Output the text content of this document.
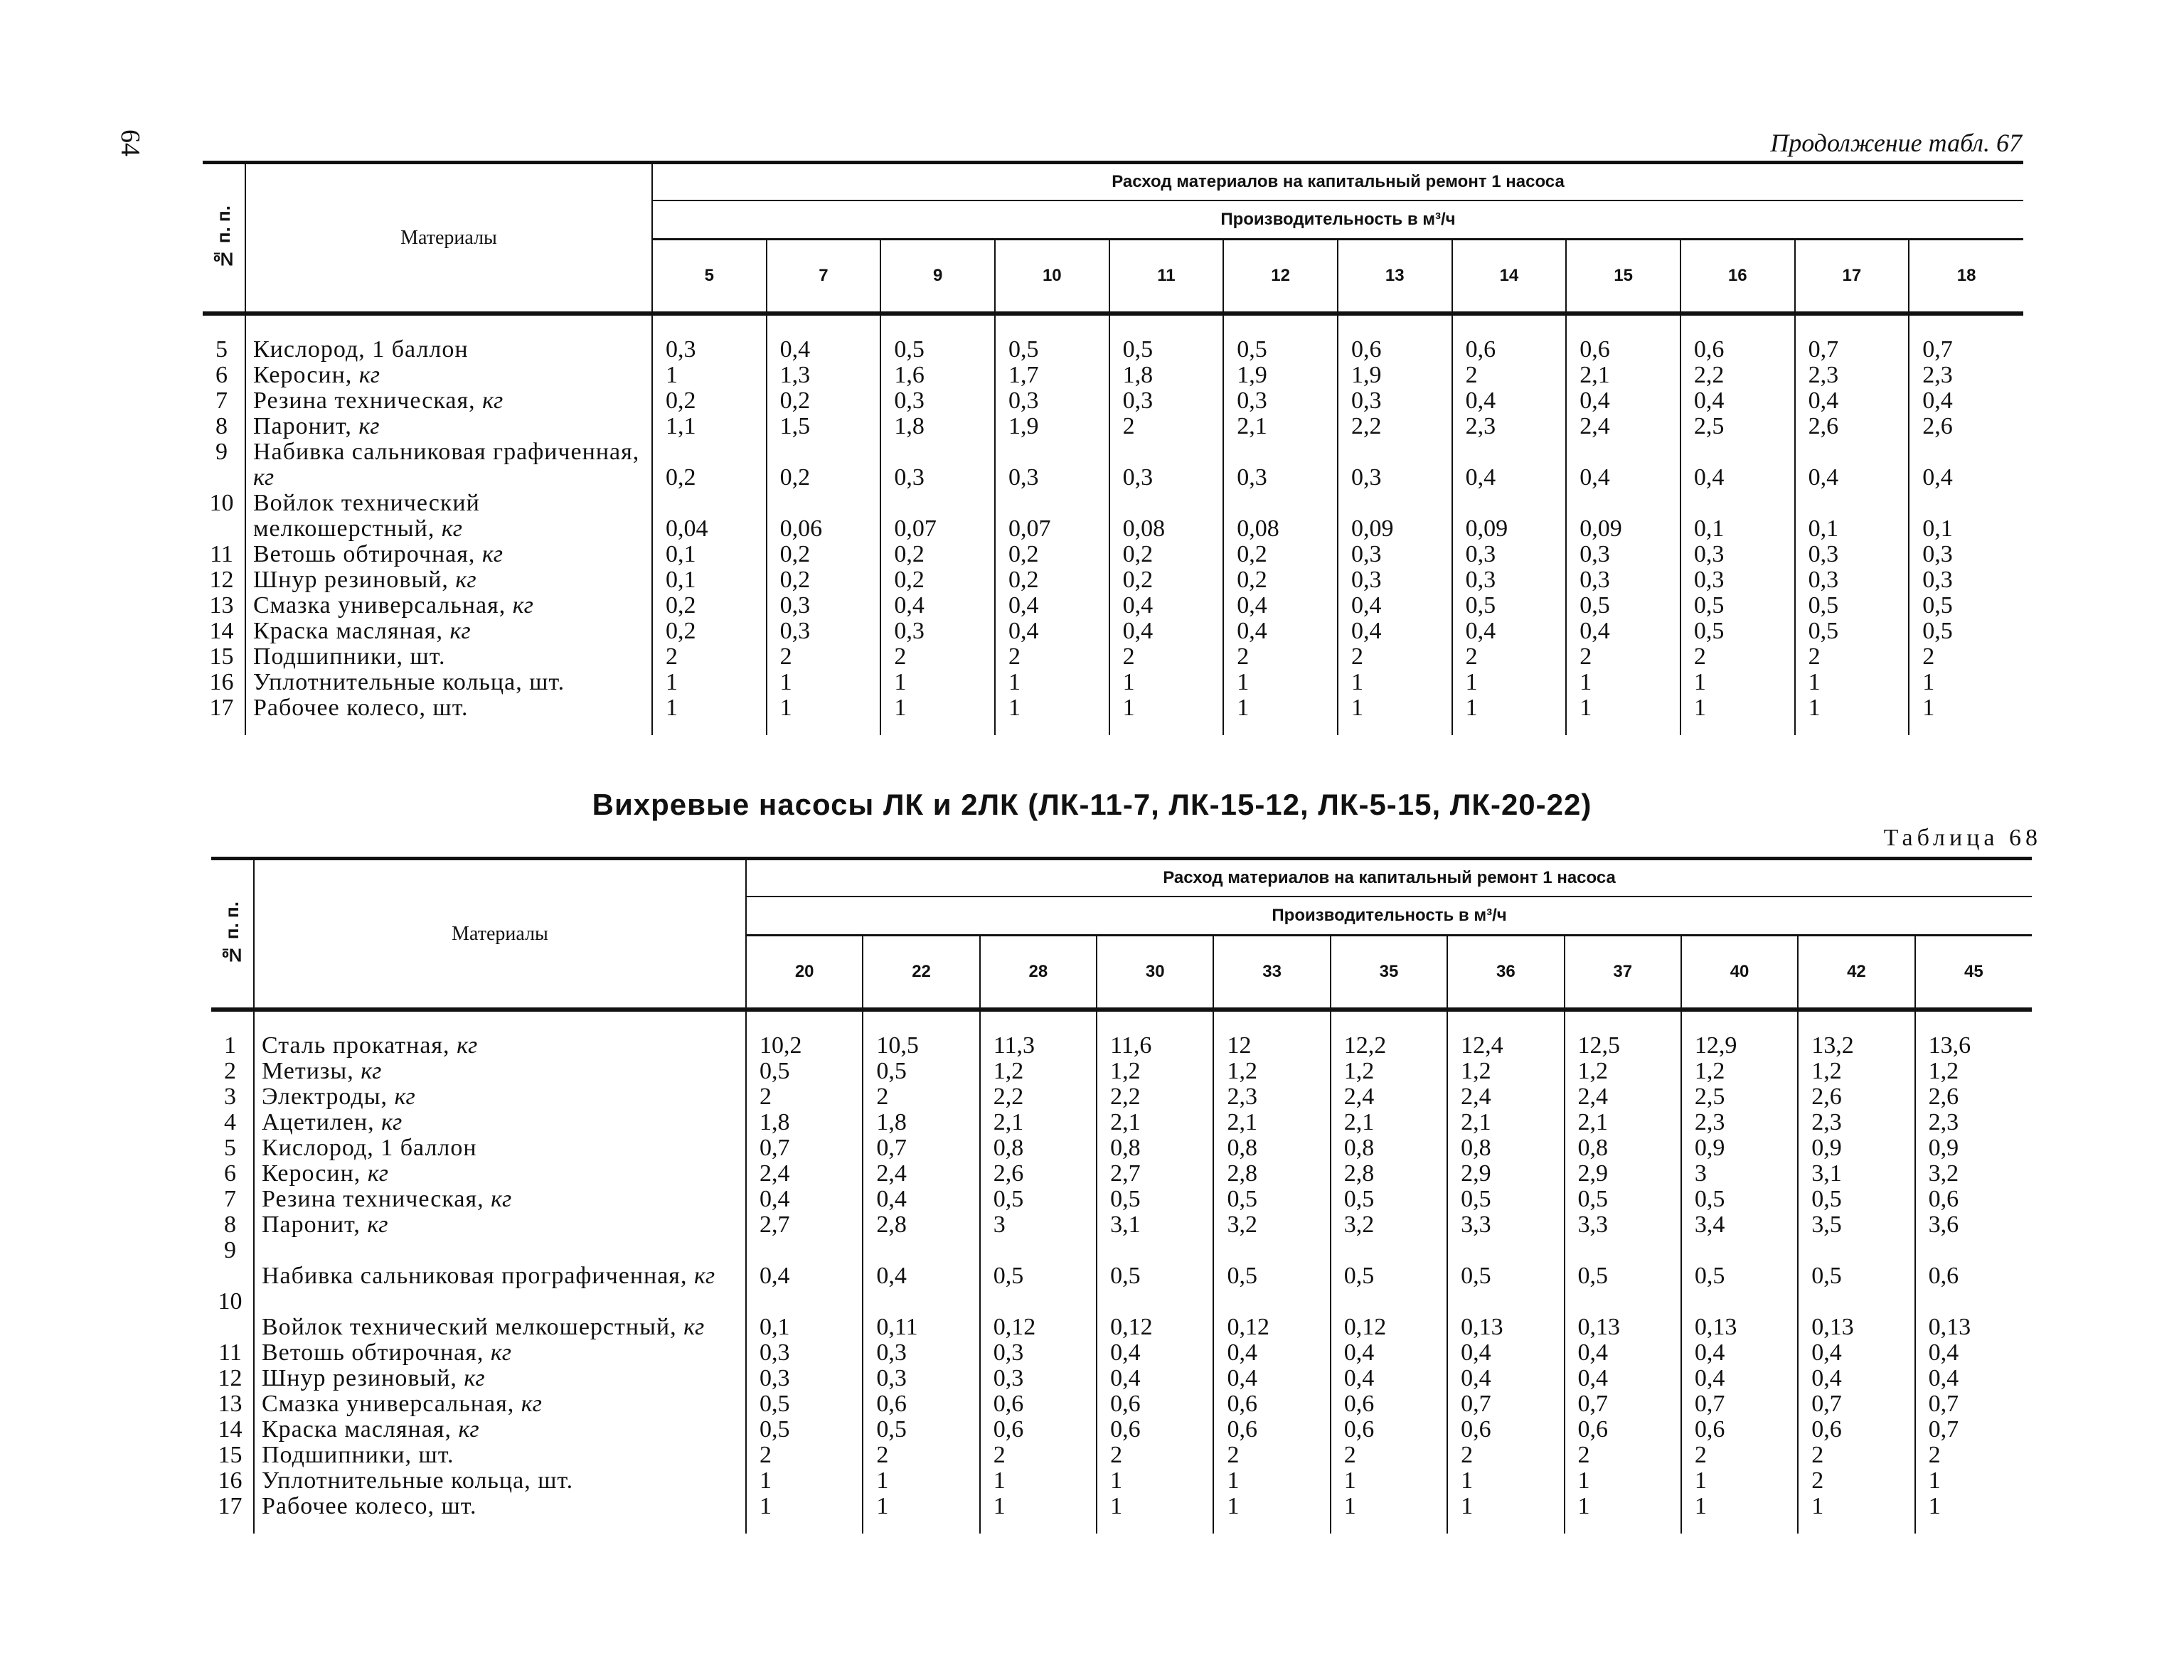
64	Продолжение табл. 67
№ п. п.	Материалы	Расход материалов на капитальный ремонт 1 насоса											
		Производительность в м³/ч											
		5	7	9	10	11	12	13	14	15	16	17	18

5	Кислород, 1 баллон	0,3	0,4	0,5	0,5	0,5	0,5	0,6	0,6	0,6	0,6	0,7	0,7
6	Керосин, кг	1	1,3	1,6	1,7	1,8	1,9	1,9	2	2,1	2,2	2,3	2,3
7	Резина техническая, кг	0,2	0,2	0,3	0,3	0,3	0,3	0,3	0,4	0,4	0,4	0,4	0,4
8	Паронит, кг	1,1	1,5	1,8	1,9	2	2,1	2,2	2,3	2,4	2,5	2,6	2,6
9	Набивка сальниковая графиченная, кг	0,2	0,2	0,3	0,3	0,3	0,3	0,3	0,4	0,4	0,4	0,4	0,4
10	Войлок технический мелкошерстный, кг	0,04	0,06	0,07	0,07	0,08	0,08	0,09	0,09	0,09	0,1	0,1	0,1
11	Ветошь обтирочная, кг	0,1	0,2	0,2	0,2	0,2	0,2	0,3	0,3	0,3	0,3	0,3	0,3
12	Шнур резиновый, кг	0,1	0,2	0,2	0,2	0,2	0,2	0,3	0,3	0,3	0,3	0,3	0,3
13	Смазка универсальная, кг	0,2	0,3	0,4	0,4	0,4	0,4	0,4	0,5	0,5	0,5	0,5	0,5
14	Краска масляная, кг	0,2	0,3	0,3	0,4	0,4	0,4	0,4	0,4	0,4	0,5	0,5	0,5
15	Подшипники, шт.	2	2	2	2	2	2	2	2	2	2	2	2
16	Уплотнительные кольца, шт.	1	1	1	1	1	1	1	1	1	1	1	1
17	Рабочее колесо, шт.	1	1	1	1	1	1	1	1	1	1	1	1

Вихревые насосы ЛК и 2ЛК (ЛК-11-7, ЛК-15-12, ЛК-5-15, ЛК-20-22)
Таблица 68
№ п. п.	Материалы	Расход материалов на капитальный ремонт 1 насоса										
		Производительность в м³/ч										
		20	22	28	30	33	35	36	37	40	42	45

1	Сталь прокатная, кг	10,2	10,5	11,3	11,6	12	12,2	12,4	12,5	12,9	13,2	13,6
2	Метизы, кг	0,5	0,5	1,2	1,2	1,2	1,2	1,2	1,2	1,2	1,2	1,2
3	Электроды, кг	2	2	2,2	2,2	2,3	2,4	2,4	2,4	2,5	2,6	2,6
4	Ацетилен, кг	1,8	1,8	2,1	2,1	2,1	2,1	2,1	2,1	2,3	2,3	2,3
5	Кислород, 1 баллон	0,7	0,7	0,8	0,8	0,8	0,8	0,8	0,8	0,9	0,9	0,9
6	Керосин, кг	2,4	2,4	2,6	2,7	2,8	2,8	2,9	2,9	3	3,1	3,2
7	Резина техническая, кг	0,4	0,4	0,5	0,5	0,5	0,5	0,5	0,5	0,5	0,5	0,6
8	Паронит, кг	2,7	2,8	3	3,1	3,2	3,2	3,3	3,3	3,4	3,5	3,6
9	Набивка сальниковая прографиченная, кг	0,4	0,4	0,5	0,5	0,5	0,5	0,5	0,5	0,5	0,5	0,6
10	Войлок технический мелкошерстный, кг	0,1	0,11	0,12	0,12	0,12	0,12	0,13	0,13	0,13	0,13	0,13
11	Ветошь обтирочная, кг	0,3	0,3	0,3	0,4	0,4	0,4	0,4	0,4	0,4	0,4	0,4
12	Шнур резиновый, кг	0,3	0,3	0,3	0,4	0,4	0,4	0,4	0,4	0,4	0,4	0,4
13	Смазка универсальная, кг	0,5	0,6	0,6	0,6	0,6	0,6	0,7	0,7	0,7	0,7	0,7
14	Краска масляная, кг	0,5	0,5	0,6	0,6	0,6	0,6	0,6	0,6	0,6	0,6	0,7
15	Подшипники, шт.	2	2	2	2	2	2	2	2	2	2	2
16	Уплотнительные кольца, шт.	1	1	1	1	1	1	1	1	1	2	1
17	Рабочее колесо, шт.	1	1	1	1	1	1	1	1	1	1	1
